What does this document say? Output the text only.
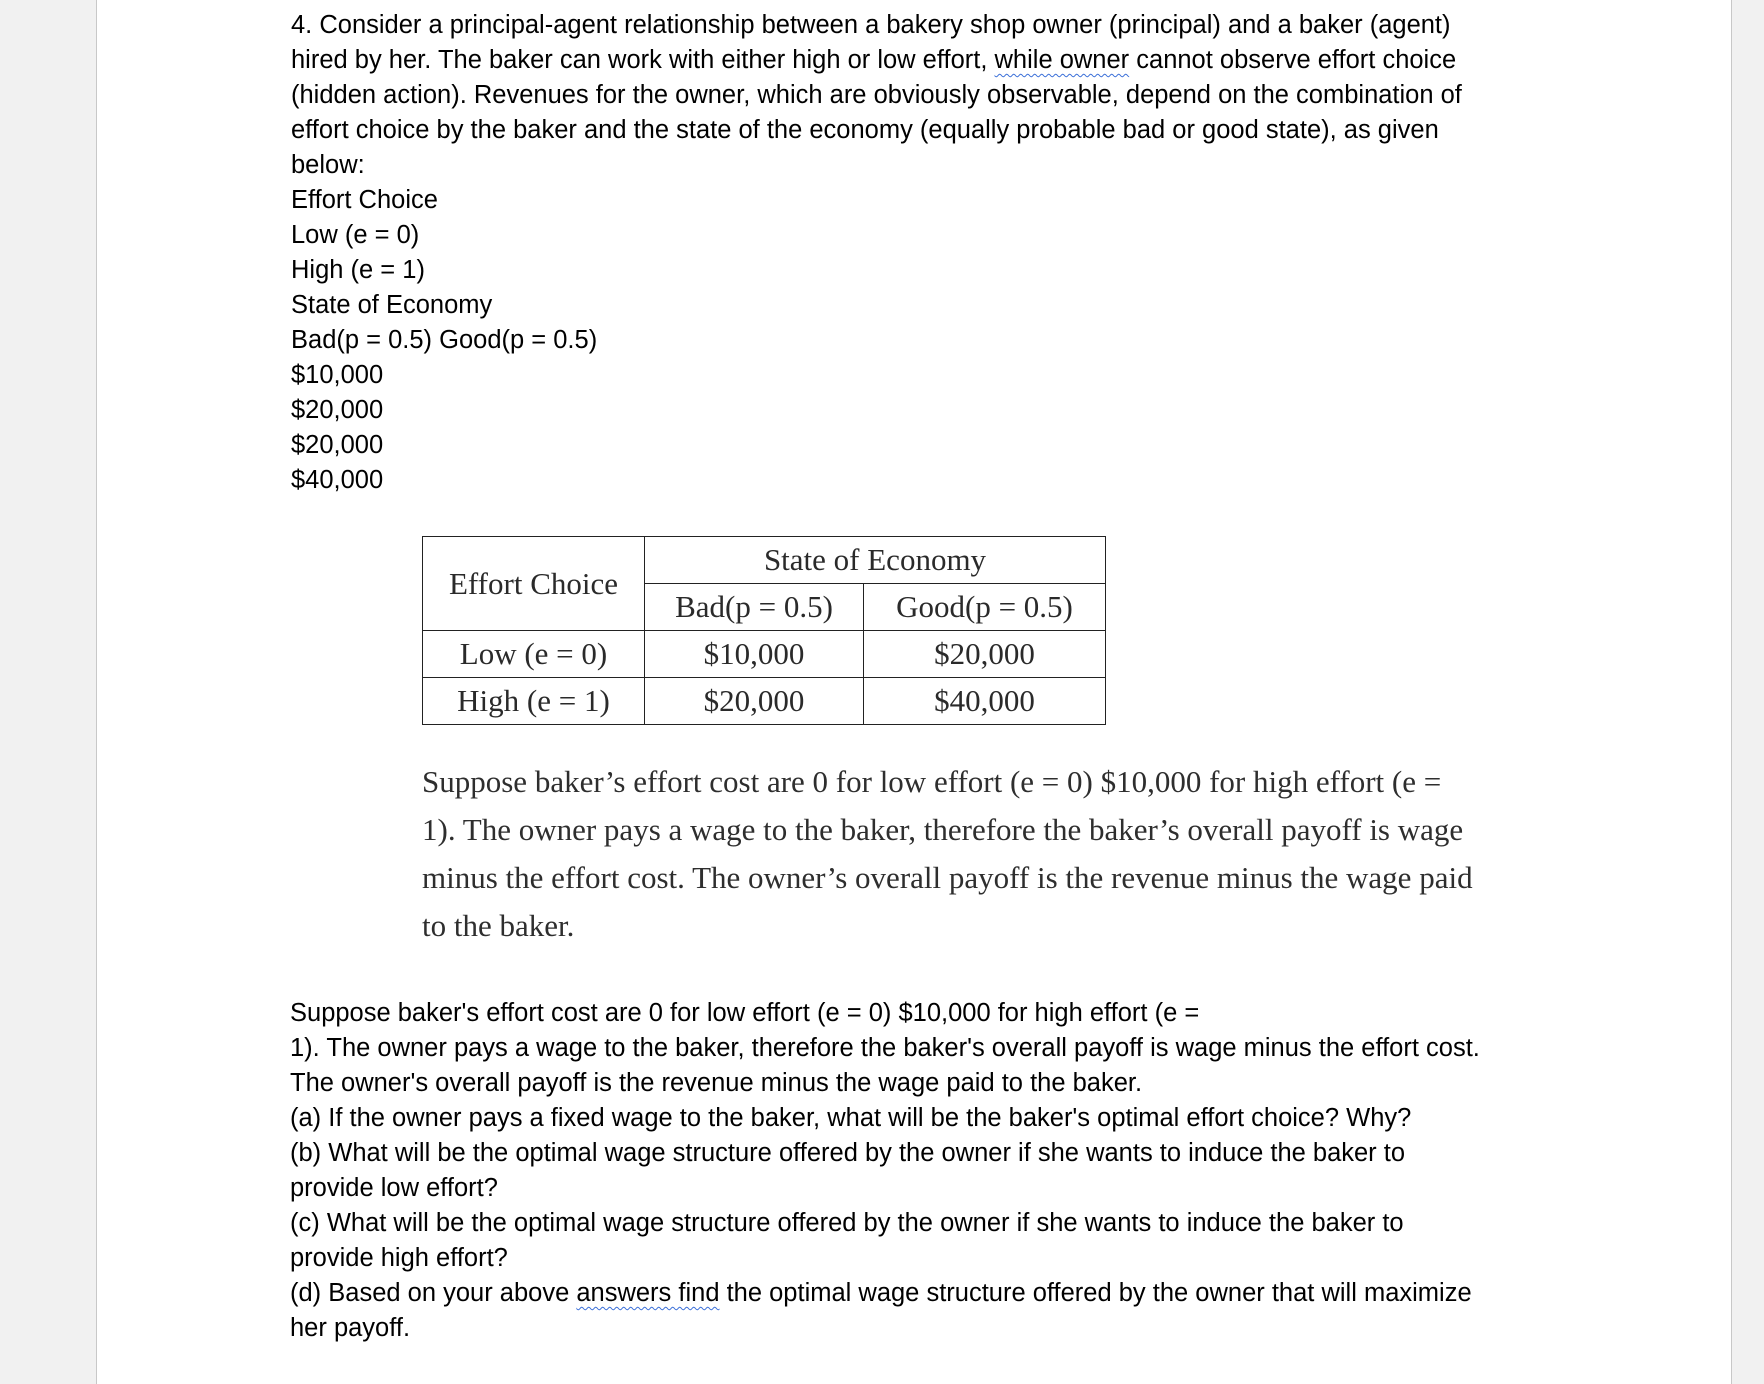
4. Consider a principal-agent relationship between a bakery shop owner (principal) and a baker (agent)

hired by her. The baker can work with either high or low effort, while owner cannot observe effort choice

(hidden action). Revenues for the owner, which are obviously observable, depend on the combination of

effort choice by the baker and the state of the economy (equally probable bad or good state), as given

below:

Effort Choice

Low (e = 0)

High (e = 1)

State of Economy

Bad(p = 0.5) Good(p = 0.5)

$10,000

$20,000

$20,000

$40,000

Effort Choice	State of Economy	
	Bad(p = 0.5)	Good(p = 0.5)
Low (e = 0)	$10,000	$20,000
High (e = 1)	$20,000	$40,000
Suppose baker’s effort cost are 0 for low effort (e = 0) $10,000 for high effort (e =
1). The owner pays a wage to the baker, therefore the baker’s overall payoff is wage
minus the effort cost. The owner’s overall payoff is the revenue minus the wage paid
to the baker.

Suppose baker's effort cost are 0 for low effort (e = 0) $10,000 for high effort (e =

1). The owner pays a wage to the baker, therefore the baker's overall payoff is wage minus the effort cost.

The owner's overall payoff is the revenue minus the wage paid to the baker.

(a) If the owner pays a fixed wage to the baker, what will be the baker's optimal effort choice? Why?

(b) What will be the optimal wage structure offered by the owner if she wants to induce the baker to

provide low effort?

(c) What will be the optimal wage structure offered by the owner if she wants to induce the baker to

provide high effort?

(d) Based on your above answers find the optimal wage structure offered by the owner that will maximize

her payoff.
